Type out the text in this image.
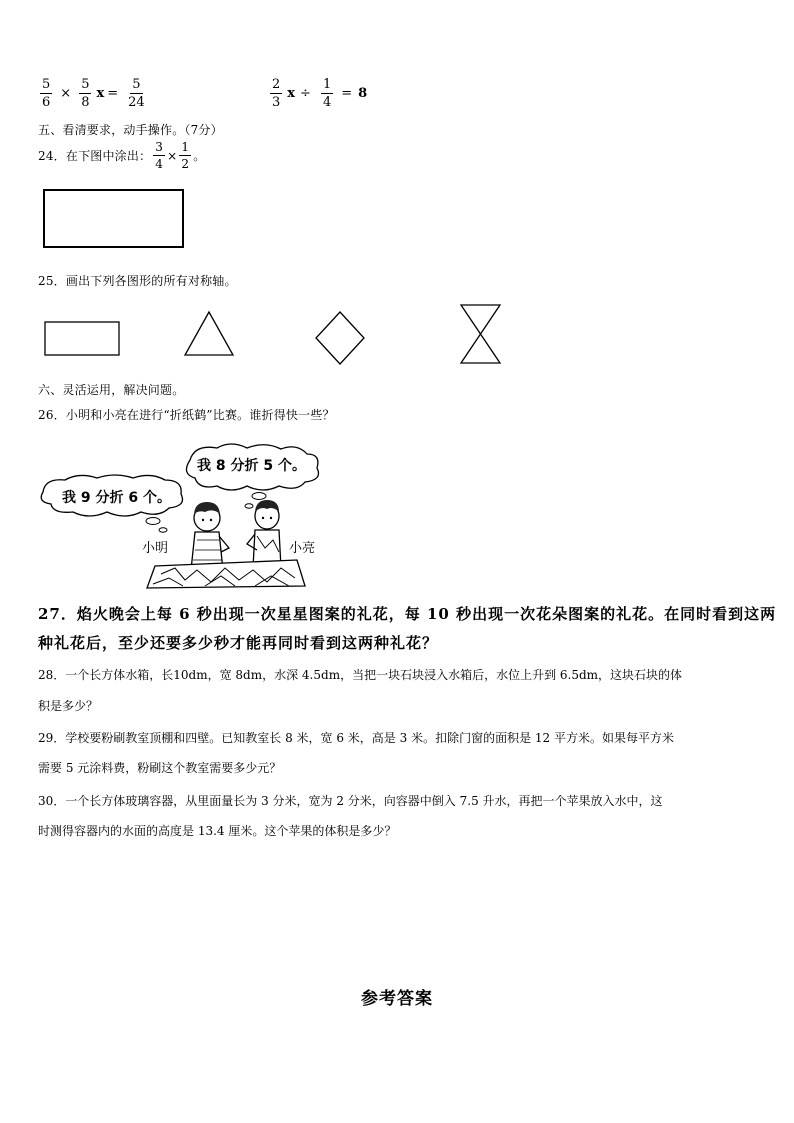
$\frac{5}{6} \times \frac{5}{8}$ $x = \frac{5}{24}$	$\frac{2}{3}$ $x \div \frac{1}{4} = 8$
五、看清要求，动手操作。（7分）
24．在下图中涂出： $\frac{3}{4} \times \frac{1}{2}$ 。
25．画出下列各图形的所有对称轴。
六、灵活运用，解决问题。
26．小明和小亮在进行“折纸鹤”比赛。谁折得快一些？
我 9 分折 6 个。
我 8 分折 5 个。
小明	小亮
27．焰火晚会上每 6 秒出现一次星星图案的礼花，每 10 秒出现一次花朵图案的礼花。在同时看到这两
种礼花后，至少还要多少秒才能再同时看到这两种礼花？
28．一个长方体水箱，长10dm，宽 8dm，水深 4.5dm，当把一块石块浸入水箱后，水位上升到 6.5dm，这块石块的体
积是多少？
29．学校要粉刷教室顶棚和四壁。已知教室长 8 米，宽 6 米，高是 3 米。扣除门窗的面积是 12 平方米。如果每平方米
需要 5 元涂料费，粉刷这个教室需要多少元？
30．一个长方体玻璃容器，从里面量长为 3 分米，宽为 2 分米，向容器中倒入 7.5 升水，再把一个苹果放入水中，这
时测得容器内的水面的高度是 13.4 厘米。这个苹果的体积是多少？
参考答案
